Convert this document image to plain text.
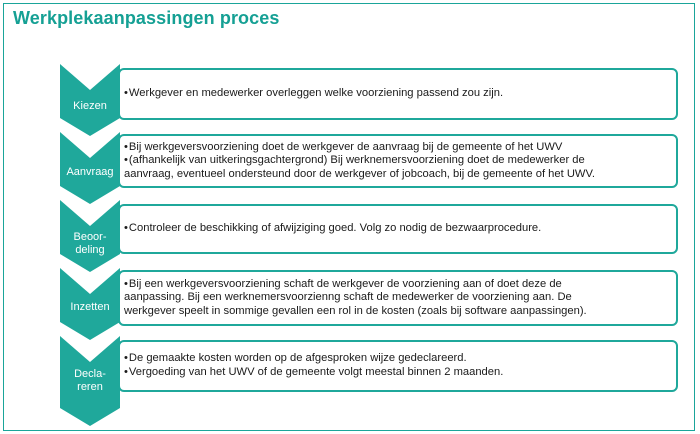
Werkplekaanpassingen proces
Kiezen
• Werkgever en medewerker overleggen welke voorziening passend zou zijn.
Aanvraag
• Bij werkgeversvoorziening doet de werkgever de aanvraag bij de gemeente of het UWV
• (afhankelijk van uitkeringsgachtergrond) Bij werknemersvoorziening doet de medewerker de
aanvraag, eventueel ondersteund door de werkgever of jobcoach, bij de gemeente of het UWV.
Beoor-
deling
• Controleer de beschikking of afwijziging goed. Volg zo nodig de bezwaarprocedure.
Inzetten
• Bij een werkgeversvoorziening schaft de werkgever de voorziening aan of doet deze de
aanpassing. Bij een werknemersvoorzienng schaft de medewerker de voorziening aan. De
werkgever speelt in sommige gevallen een rol in de kosten (zoals bij software aanpassingen).
Decla-
reren
• De gemaakte kosten worden op de afgesproken wijze gedeclareerd.
• Vergoeding van het UWV of de gemeente volgt meestal binnen 2 maanden.
